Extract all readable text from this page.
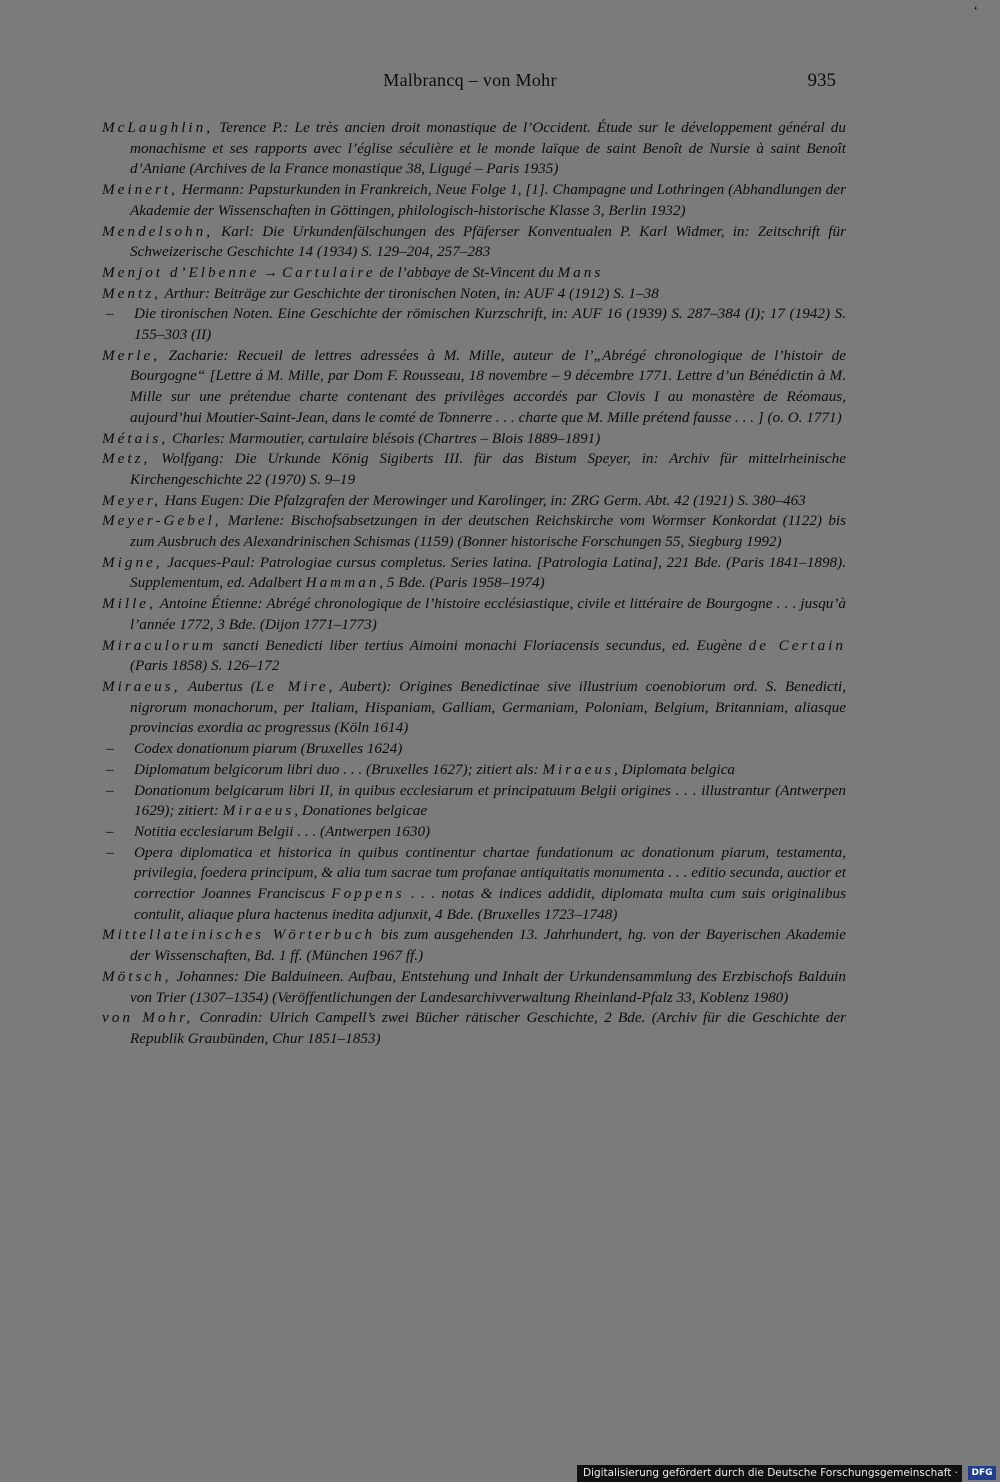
‘
Malbrancq – von Mohr	935
McLaughlin, Terence P.: Le très ancien droit monastique de l’Occident. Étude sur le développement général du monachisme et ses rapports avec l’église séculière et le monde laïque de saint Benoît de Nursie à saint Benoît d’Aniane (Archives de la France monastique 38, Ligugé – Paris 1935)
Meinert, Hermann: Papsturkunden in Frankreich, Neue Folge 1, [1]. Champagne und Lothringen (Abhandlungen der Akademie der Wissenschaften in Göttingen, philologisch-historische Klasse 3, Berlin 1932)
Mendelsohn, Karl: Die Urkundenfälschungen des Pfäferser Konventualen P. Karl Widmer, in: Zeitschrift für Schweizerische Geschichte 14 (1934) S. 129–204, 257–283
Menjot d’Elbenne → Cartulaire de l’abbaye de St-Vincent du Mans
Mentz, Arthur: Beiträge zur Geschichte der tironischen Noten, in: AUF 4 (1912) S. 1–38
– Die tironischen Noten. Eine Geschichte der römischen Kurzschrift, in: AUF 16 (1939) S. 287–384 (I); 17 (1942) S. 155–303 (II)
Merle, Zacharie: Recueil de lettres adressées à M. Mille, auteur de l’„Abrégé chronologique de l’histoir de Bourgogne“ [Lettre á M. Mille, par Dom F. Rousseau, 18 novembre – 9 décembre 1771. Lettre d’un Bénédictin à M. Mille sur une prétendue charte contenant des privilèges accordés par Clovis I au monastère de Réomaus, aujourd’hui Moutier-Saint-Jean, dans le comté de Tonnerre . . . charte que M. Mille prétend fausse . . . ] (o. O. 1771)
Métais, Charles: Marmoutier, cartulaire blésois (Chartres – Blois 1889–1891)
Metz, Wolfgang: Die Urkunde König Sigiberts III. für das Bistum Speyer, in: Archiv für mittelrheinische Kirchengeschichte 22 (1970) S. 9–19
Meyer, Hans Eugen: Die Pfalzgrafen der Merowinger und Karolinger, in: ZRG Germ. Abt. 42 (1921) S. 380–463
Meyer-Gebel, Marlene: Bischofsabsetzungen in der deutschen Reichskirche vom Wormser Konkordat (1122) bis zum Ausbruch des Alexandrinischen Schismas (1159) (Bonner historische Forschungen 55, Siegburg 1992)
Migne, Jacques-Paul: Patrologiae cursus completus. Series latina. [Patrologia Latina], 221 Bde. (Paris 1841–1898). Supplementum, ed. Adalbert Hamman, 5 Bde. (Paris 1958–1974)
Mille, Antoine Étienne: Abrégé chronologique de l’histoire ecclésiastique, civile et littéraire de Bourgogne . . . jusqu’à l’année 1772, 3 Bde. (Dijon 1771–1773)
Miraculorum sancti Benedicti liber tertius Aimoini monachi Floriacensis secundus, ed. Eugène de Certain (Paris 1858) S. 126–172
Miraeus, Aubertus (Le Mire, Aubert): Origines Benedictinae sive illustrium coenobiorum ord. S. Benedicti, nigrorum monachorum, per Italiam, Hispaniam, Galliam, Germaniam, Poloniam, Belgium, Britanniam, aliasque provincias exordia ac progressus (Köln 1614)
– Codex donationum piarum (Bruxelles 1624)
– Diplomatum belgicorum libri duo . . . (Bruxelles 1627); zitiert als: Miraeus, Diplomata belgica
– Donationum belgicarum libri II, in quibus ecclesiarum et principatuum Belgii origines . . . illustrantur (Antwerpen 1629); zitiert: Miraeus, Donationes belgicae
– Notitia ecclesiarum Belgii . . . (Antwerpen 1630)
– Opera diplomatica et historica in quibus continentur chartae fundationum ac donationum piarum, testamenta, privilegia, foedera principum, & alia tum sacrae tum profanae antiquitatis monumenta . . . editio secunda, auctior et correctior Joannes Franciscus Foppens . . . notas & indices addidit, diplomata multa cum suis originalibus contulit, aliaque plura hactenus inedita adjunxit, 4 Bde. (Bruxelles 1723–1748)
Mittellateinisches Wörterbuch bis zum ausgehenden 13. Jahrhundert, hg. von der Bayerischen Akademie der Wissenschaften, Bd. 1 ff. (München 1967 ff.)
Mötsch, Johannes: Die Balduineen. Aufbau, Entstehung und Inhalt der Urkundensammlung des Erzbischofs Balduin von Trier (1307–1354) (Veröffentlichungen der Landesarchivverwaltung Rheinland-Pfalz 33, Koblenz 1980)
von Mohr, Conradin: Ulrich Campell’s zwei Bücher rätischer Geschichte, 2 Bde. (Archiv für die Geschichte der Republik Graubünden, Chur 1851–1853)
Digitalisierung gefördert durch die Deutsche Forschungsgemeinschaft ·	DFG
